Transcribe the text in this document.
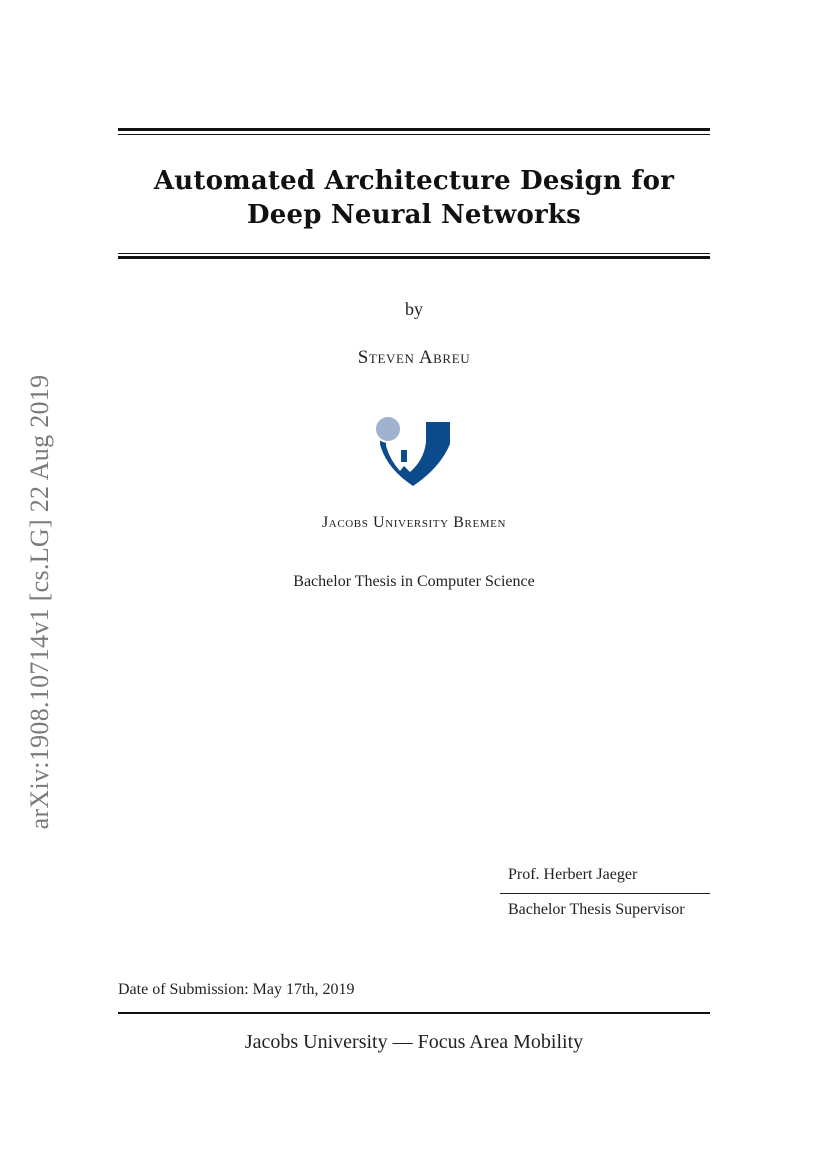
arXiv:1908.10714v1 [cs.LG] 22 Aug 2019
Automated Architecture Design for
Deep Neural Networks
by
Steven Abreu
Jacobs University Bremen
Bachelor Thesis in Computer Science
Prof. Herbert Jaeger
Bachelor Thesis Supervisor
Date of Submission: May 17th, 2019
Jacobs University — Focus Area Mobility
